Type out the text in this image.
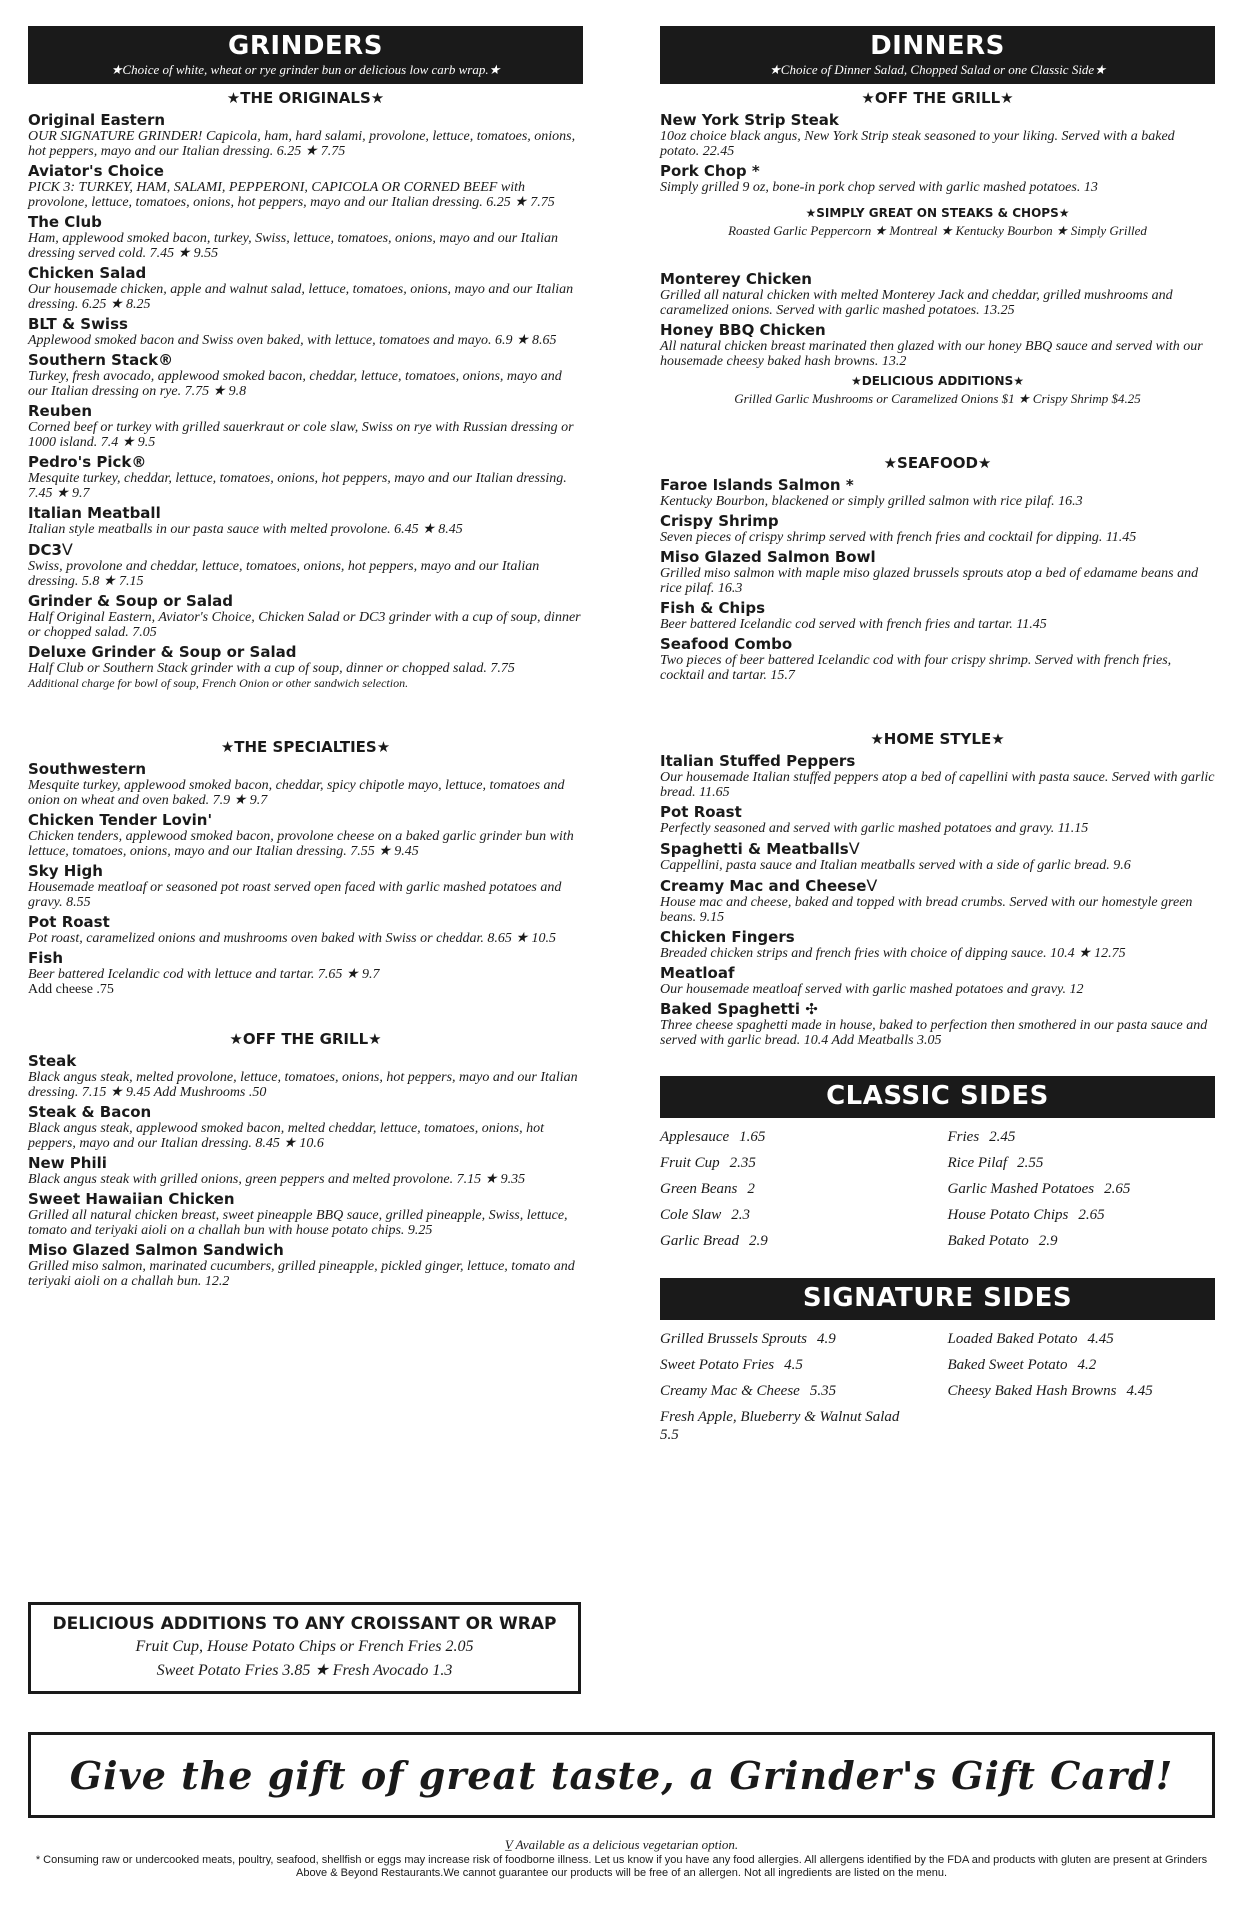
GRINDERS
★Choice of white, wheat or rye grinder bun or delicious low carb wrap.★
★THE ORIGINALS★
Original Eastern
OUR SIGNATURE GRINDER! Capicola, ham, hard salami, provolone, lettuce, tomatoes, onions, hot peppers, mayo and our Italian dressing. 6.25 ★ 7.75
Aviator's Choice
PICK 3: TURKEY, HAM, SALAMI, PEPPERONI, CAPICOLA OR CORNED BEEF with provolone, lettuce, tomatoes, onions, hot peppers, mayo and our Italian dressing. 6.25 ★ 7.75
The Club
Ham, applewood smoked bacon, turkey, Swiss, lettuce, tomatoes, onions, mayo and our Italian dressing served cold. 7.45 ★ 9.55
Chicken Salad
Our housemade chicken, apple and walnut salad, lettuce, tomatoes, onions, mayo and our Italian dressing. 6.25 ★ 8.25
BLT & Swiss
Applewood smoked bacon and Swiss oven baked, with lettuce, tomatoes and mayo. 6.9 ★ 8.65
Southern Stack®
Turkey, fresh avocado, applewood smoked bacon, cheddar, lettuce, tomatoes, onions, mayo and our Italian dressing on rye. 7.75 ★ 9.8
Reuben
Corned beef or turkey with grilled sauerkraut or cole slaw, Swiss on rye with Russian dressing or 1000 island. 7.4 ★ 9.5
Pedro's Pick®
Mesquite turkey, cheddar, lettuce, tomatoes, onions, hot peppers, mayo and our Italian dressing. 7.45 ★ 9.7
Italian Meatball
Italian style meatballs in our pasta sauce with melted provolone. 6.45 ★ 8.45
DC3V
Swiss, provolone and cheddar, lettuce, tomatoes, onions, hot peppers, mayo and our Italian dressing. 5.8 ★ 7.15
Grinder & Soup or Salad
Half Original Eastern, Aviator's Choice, Chicken Salad or DC3 grinder with a cup of soup, dinner or chopped salad. 7.05
Deluxe Grinder & Soup or Salad
Half Club or Southern Stack grinder with a cup of soup, dinner or chopped salad. 7.75
Additional charge for bowl of soup, French Onion or other sandwich selection.
★THE SPECIALTIES★
Southwestern
Mesquite turkey, applewood smoked bacon, cheddar, spicy chipotle mayo, lettuce, tomatoes and onion on wheat and oven baked. 7.9 ★ 9.7
Chicken Tender Lovin'
Chicken tenders, applewood smoked bacon, provolone cheese on a baked garlic grinder bun with lettuce, tomatoes, onions, mayo and our Italian dressing. 7.55 ★ 9.45
Sky High
Housemade meatloaf or seasoned pot roast served open faced with garlic mashed potatoes and gravy. 8.55
Pot Roast
Pot roast, caramelized onions and mushrooms oven baked with Swiss or cheddar. 8.65 ★ 10.5
Fish
Beer battered Icelandic cod with lettuce and tartar. 7.65 ★ 9.7
Add cheese .75
★OFF THE GRILL★
Steak
Black angus steak, melted provolone, lettuce, tomatoes, onions, hot peppers, mayo and our Italian dressing. 7.15 ★ 9.45 Add Mushrooms .50
Steak & Bacon
Black angus steak, applewood smoked bacon, melted cheddar, lettuce, tomatoes, onions, hot peppers, mayo and our Italian dressing. 8.45 ★ 10.6
New Phili
Black angus steak with grilled onions, green peppers and melted provolone. 7.15 ★ 9.35
Sweet Hawaiian Chicken
Grilled all natural chicken breast, sweet pineapple BBQ sauce, grilled pineapple, Swiss, lettuce, tomato and teriyaki aioli on a challah bun with house potato chips. 9.25
Miso Glazed Salmon Sandwich
Grilled miso salmon, marinated cucumbers, grilled pineapple, pickled ginger, lettuce, tomato and teriyaki aioli on a challah bun. 12.2
DELICIOUS ADDITIONS TO ANY CROISSANT OR WRAP
Fruit Cup, House Potato Chips or French Fries 2.05
Sweet Potato Fries 3.85 ★ Fresh Avocado 1.3
DINNERS
★Choice of Dinner Salad, Chopped Salad or one Classic Side★
★OFF THE GRILL★
New York Strip Steak
10oz choice black angus, New York Strip steak seasoned to your liking. Served with a baked potato. 22.45
Pork Chop *
Simply grilled 9 oz, bone-in pork chop served with garlic mashed potatoes. 13
★SIMPLY GREAT ON STEAKS & CHOPS★
Roasted Garlic Peppercorn ★ Montreal ★ Kentucky Bourbon ★ Simply Grilled
Monterey Chicken
Grilled all natural chicken with melted Monterey Jack and cheddar, grilled mushrooms and caramelized onions. Served with garlic mashed potatoes. 13.25
Honey BBQ Chicken
All natural chicken breast marinated then glazed with our honey BBQ sauce and served with our housemade cheesy baked hash browns. 13.2
★DELICIOUS ADDITIONS★
Grilled Garlic Mushrooms or Caramelized Onions $1 ★ Crispy Shrimp $4.25
★SEAFOOD★
Faroe Islands Salmon *
Kentucky Bourbon, blackened or simply grilled salmon with rice pilaf. 16.3
Crispy Shrimp
Seven pieces of crispy shrimp served with french fries and cocktail for dipping. 11.45
Miso Glazed Salmon Bowl
Grilled miso salmon with maple miso glazed brussels sprouts atop a bed of edamame beans and rice pilaf. 16.3
Fish & Chips
Beer battered Icelandic cod served with french fries and tartar. 11.45
Seafood Combo
Two pieces of beer battered Icelandic cod with four crispy shrimp. Served with french fries, cocktail and tartar. 15.7
★HOME STYLE★
Italian Stuffed Peppers
Our housemade Italian stuffed peppers atop a bed of capellini with pasta sauce. Served with garlic bread. 11.65
Pot Roast
Perfectly seasoned and served with garlic mashed potatoes and gravy. 11.15
Spaghetti & MeatballsV
Cappellini, pasta sauce and Italian meatballs served with a side of garlic bread. 9.6
Creamy Mac and CheeseV
House mac and cheese, baked and topped with bread crumbs. Served with our homestyle green beans. 9.15
Chicken Fingers
Breaded chicken strips and french fries with choice of dipping sauce. 10.4 ★ 12.75
Meatloaf
Our housemade meatloaf served with garlic mashed potatoes and gravy. 12
Baked Spaghetti ✣
Three cheese spaghetti made in house, baked to perfection then smothered in our pasta sauce and served with garlic bread. 10.4 Add Meatballs 3.05
CLASSIC SIDES
Applesauce 1.65	Fries 2.45
Fruit Cup 2.35	Rice Pilaf 2.55
Green Beans 2	Garlic Mashed Potatoes 2.65
Cole Slaw 2.3	House Potato Chips 2.65
Garlic Bread 2.9	Baked Potato 2.9
SIGNATURE SIDES
Grilled Brussels Sprouts 4.9	Loaded Baked Potato 4.45
Sweet Potato Fries 4.5	Baked Sweet Potato 4.2
Creamy Mac & Cheese 5.35	Cheesy Baked Hash Browns 4.45
Fresh Apple, Blueberry & Walnut Salad5.5
Give the gift of great taste, a Grinder's Gift Card!
V̲ Available as a delicious vegetarian option.
* Consuming raw or undercooked meats, poultry, seafood, shellfish or eggs may increase risk of foodborne illness. Let us know if you have any food allergies. All allergens identified by the FDA and products with gluten are present at Grinders Above & Beyond Restaurants.We cannot guarantee our products will be free of an allergen. Not all ingredients are listed on the menu.
